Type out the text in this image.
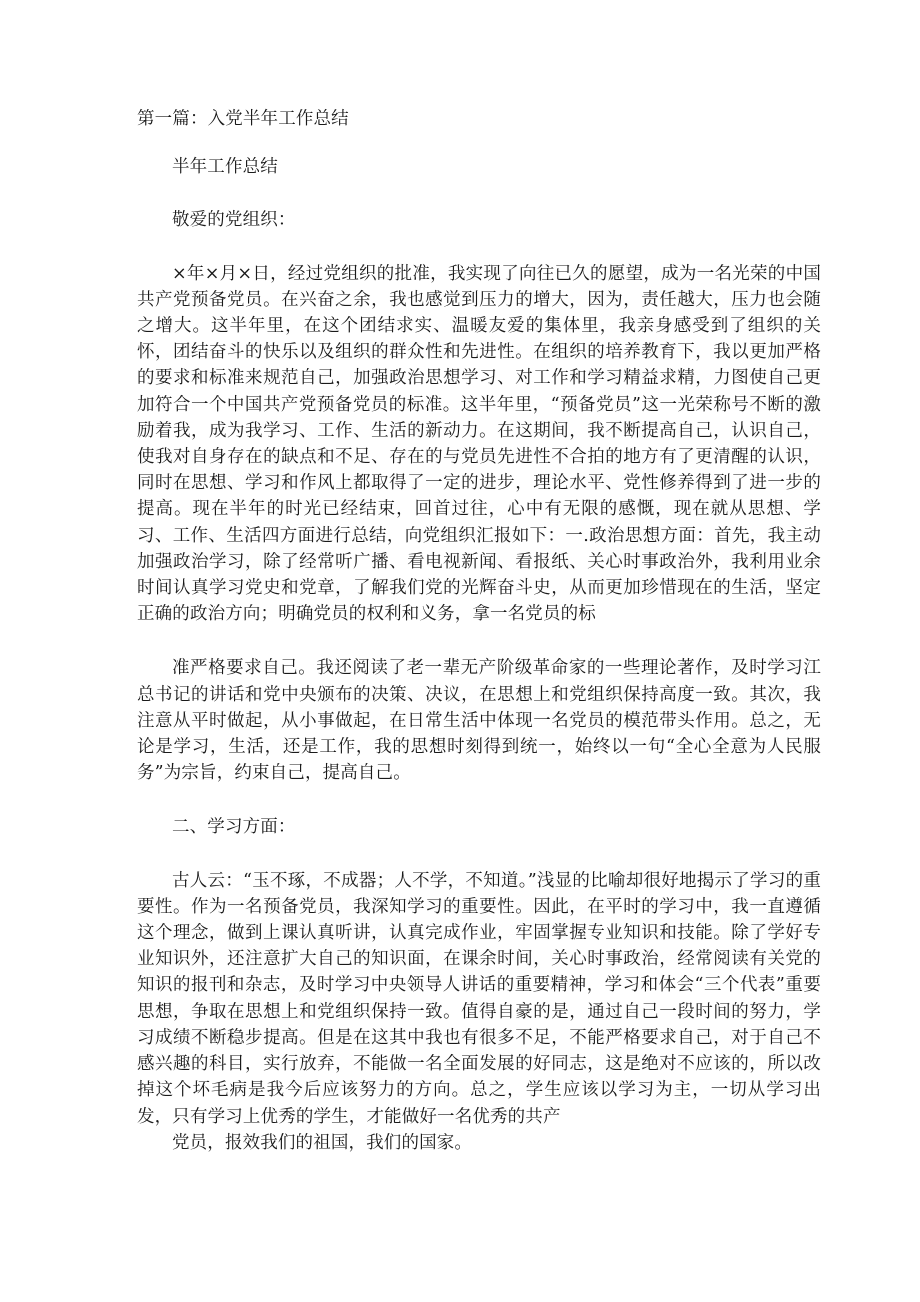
第一篇：入党半年工作总结

半年工作总结

敬爱的党组织：

×年×月×日，经过党组织的批准，我实现了向往已久的愿望，成为一名光荣的中国共产党预备党员。在兴奋之余，我也感觉到压力的增大，因为，责任越大，压力也会随之增大。这半年里，在这个团结求实、温暖友爱的集体里，我亲身感受到了组织的关怀，团结奋斗的快乐以及组织的群众性和先进性。在组织的培养教育下，我以更加严格的要求和标准来规范自己，加强政治思想学习、对工作和学习精益求精，力图使自己更加符合一个中国共产党预备党员的标准。这半年里，“预备党员”这一光荣称号不断的激励着我，成为我学习、工作、生活的新动力。在这期间，我不断提高自己，认识自己，使我对自身存在的缺点和不足、存在的与党员先进性不合拍的地方有了更清醒的认识，同时在思想、学习和作风上都取得了一定的进步，理论水平、党性修养得到了进一步的提高。现在半年的时光已经结束，回首过往，心中有无限的感慨，现在就从思想、学习、工作、生活四方面进行总结，向党组织汇报如下：一.政治思想方面：首先，我主动加强政治学习，除了经常听广播、看电视新闻、看报纸、关心时事政治外，我利用业余时间认真学习党史和党章，了解我们党的光辉奋斗史，从而更加珍惜现在的生活，坚定正确的政治方向；明确党员的权利和义务，拿一名党员的标

准严格要求自己。我还阅读了老一辈无产阶级革命家的一些理论著作，及时学习江总书记的讲话和党中央颁布的决策、决议，在思想上和党组织保持高度一致。其次，我注意从平时做起，从小事做起，在日常生活中体现一名党员的模范带头作用。总之，无论是学习，生活，还是工作，我的思想时刻得到统一，始终以一句“全心全意为人民服务”为宗旨，约束自己，提高自己。

二、学习方面：

古人云：“玉不琢，不成器；人不学，不知道。”浅显的比喻却很好地揭示了学习的重要性。作为一名预备党员，我深知学习的重要性。因此，在平时的学习中，我一直遵循这个理念，做到上课认真听讲，认真完成作业，牢固掌握专业知识和技能。除了学好专业知识外，还注意扩大自己的知识面，在课余时间，关心时事政治，经常阅读有关党的知识的报刊和杂志，及时学习中央领导人讲话的重要精神，学习和体会“三个代表”重要思想，争取在思想上和党组织保持一致。值得自豪的是，通过自己一段时间的努力，学习成绩不断稳步提高。但是在这其中我也有很多不足，不能严格要求自己，对于自己不感兴趣的科目，实行放弃，不能做一名全面发展的好同志，这是绝对不应该的，所以改掉这个坏毛病是我今后应该努力的方向。总之，学生应该以学习为主，一切从学习出发，只有学习上优秀的学生，才能做好一名优秀的共产

党员，报效我们的祖国，我们的国家。
